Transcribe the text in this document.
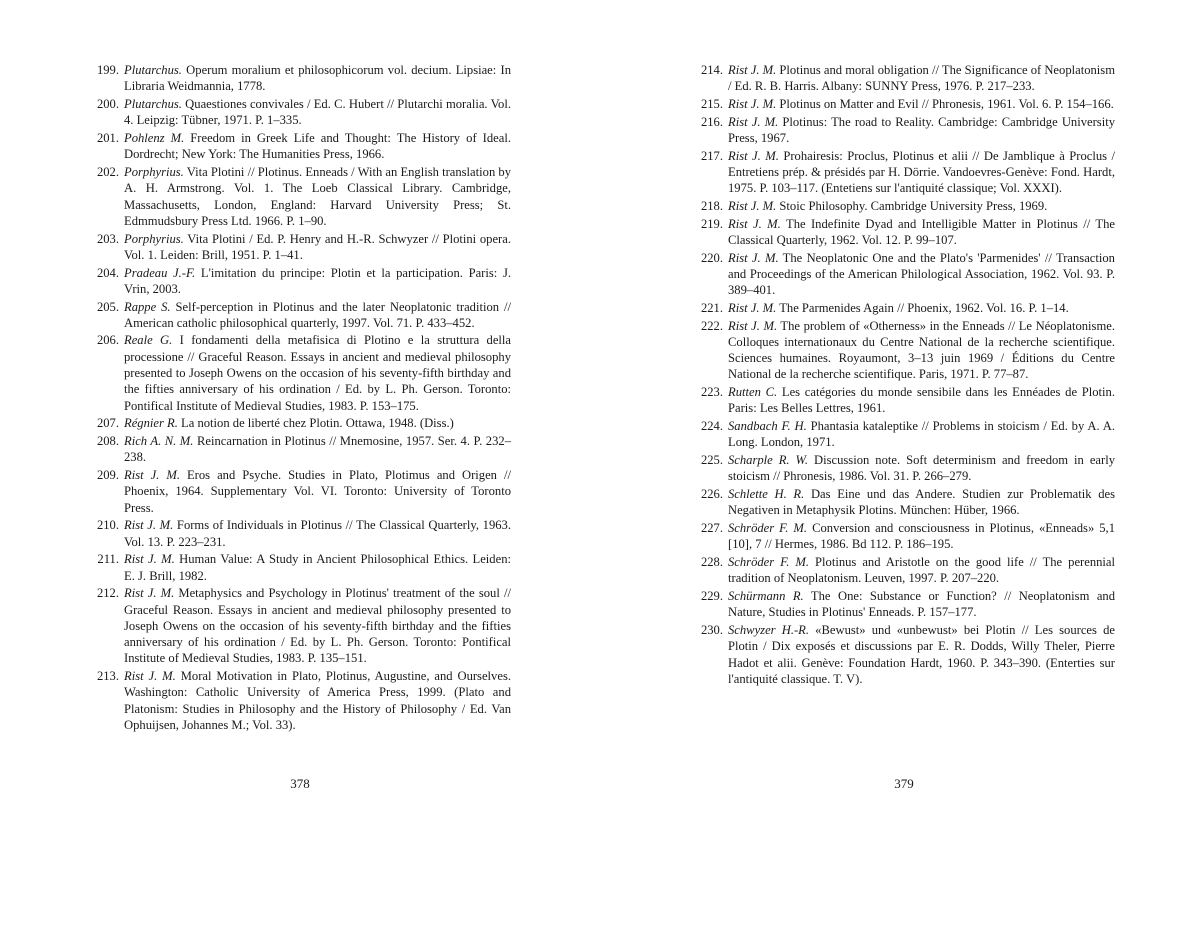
199. Plutarchus. Operum moralium et philosophicorum vol. decium. Lipsiae: In Libraria Weidmannia, 1778.
200. Plutarchus. Quaestiones convivales / Ed. C. Hubert // Plutarchi moralia. Vol. 4. Leipzig: Tübner, 1971. P. 1–335.
201. Pohlenz M. Freedom in Greek Life and Thought: The History of Ideal. Dordrecht; New York: The Humanities Press, 1966.
202. Porphyrius. Vita Plotini // Plotinus. Enneads / With an English translation by A. H. Armstrong. Vol. 1. The Loeb Classical Library. Cambridge, Massachusetts, London, England: Harvard University Press; St. Edmmudsbury Press Ltd. 1966. P. 1–90.
203. Porphyrius. Vita Plotini / Ed. P. Henry and H.-R. Schwyzer // Plotini opera. Vol. 1. Leiden: Brill, 1951. P. 1–41.
204. Pradeau J.-F. L'imitation du principe: Plotin et la participation. Paris: J. Vrin, 2003.
205. Rappe S. Self-perception in Plotinus and the later Neoplatonic tradition // American catholic philosophical quarterly, 1997. Vol. 71. P. 433–452.
206. Reale G. I fondamenti della metafisica di Plotino e la struttura della processione // Graceful Reason. Essays in ancient and medieval philosophy presented to Joseph Owens on the occasion of his seventy-fifth birthday and the fifties anniversary of his ordination / Ed. by L. Ph. Gerson. Toronto: Pontifical Institute of Medieval Studies, 1983. P. 153–175.
207. Régnier R. La notion de liberté chez Plotin. Ottawa, 1948. (Diss.)
208. Rich A. N. M. Reincarnation in Plotinus // Mnemosine, 1957. Ser. 4. P. 232–238.
209. Rist J. M. Eros and Psyche. Studies in Plato, Plotimus and Origen // Phoenix, 1964. Supplementary Vol. VI. Toronto: University of Toronto Press.
210. Rist J. M. Forms of Individuals in Plotinus // The Classical Quarterly, 1963. Vol. 13. P. 223–231.
211. Rist J. M. Human Value: A Study in Ancient Philosophical Ethics. Leiden: E. J. Brill, 1982.
212. Rist J. M. Metaphysics and Psychology in Plotinus' treatment of the soul // Graceful Reason. Essays in ancient and medieval philosophy presented to Joseph Owens on the occasion of his seventy-fifth birthday and the fifties anniversary of his ordination / Ed. by L. Ph. Gerson. Toronto: Pontifical Institute of Medieval Studies, 1983. P. 135–151.
213. Rist J. M. Moral Motivation in Plato, Plotinus, Augustine, and Ourselves. Washington: Catholic University of America Press, 1999. (Plato and Platonism: Studies in Philosophy and the History of Philosophy / Ed. Van Ophuijsen, Johannes M.; Vol. 33).
378
214. Rist J. M. Plotinus and moral obligation // The Significance of Neoplatonism / Ed. R. B. Harris. Albany: SUNNY Press, 1976. P. 217–233.
215. Rist J. M. Plotinus on Matter and Evil // Phronesis, 1961. Vol. 6. P. 154–166.
216. Rist J. M. Plotinus: The road to Reality. Cambridge: Cambridge University Press, 1967.
217. Rist J. M. Prohairesis: Proclus, Plotinus et alii // De Jamblique à Proclus / Entretiens prép. & présidés par H. Dörrie. Vandoevres-Genève: Fond. Hardt, 1975. P. 103–117. (Entetiens sur l'antiquité classique; Vol. XXXI).
218. Rist J. M. Stoic Philosophy. Cambridge University Press, 1969.
219. Rist J. M. The Indefinite Dyad and Intelligible Matter in Plotinus // The Classical Quarterly, 1962. Vol. 12. P. 99–107.
220. Rist J. M. The Neoplatonic One and the Plato's 'Parmenides' // Transaction and Proceedings of the American Philological Association, 1962. Vol. 93. P. 389–401.
221. Rist J. M. The Parmenides Again // Phoenix, 1962. Vol. 16. P. 1–14.
222. Rist J. M. The problem of «Otherness» in the Enneads // Le Néoplatonisme. Colloques internationaux du Centre National de la recherche scientifique. Sciences humaines. Royaumont, 3–13 juin 1969 / Éditions du Centre National de la recherche scientifique. Paris, 1971. P. 77–87.
223. Rutten C. Les catégories du monde sensibile dans les Ennéades de Plotin. Paris: Les Belles Lettres, 1961.
224. Sandbach F. H. Phantasia kataleptike // Problems in stoicism / Ed. by A. A. Long. London, 1971.
225. Scharple R. W. Discussion note. Soft determinism and freedom in early stoicism // Phronesis, 1986. Vol. 31. P. 266–279.
226. Schlette H. R. Das Eine und das Andere. Studien zur Problematik des Negativen in Metaphysik Plotins. München: Hüber, 1966.
227. Schröder F. M. Conversion and consciousness in Plotinus, «Enneads» 5,1 [10], 7 // Hermes, 1986. Bd 112. P. 186–195.
228. Schröder F. M. Plotinus and Aristotle on the good life // The perennial tradition of Neoplatonism. Leuven, 1997. P. 207–220.
229. Schürmann R. The One: Substance or Function? // Neoplatonism and Nature, Studies in Plotinus' Enneads. P. 157–177.
230. Schwyzer H.-R. «Bewust» und «unbewust» bei Plotin // Les sources de Plotin / Dix exposés et discussions par E. R. Dodds, Willy Theler, Pierre Hadot et alii. Genève: Foundation Hardt, 1960. P. 343–390. (Enterties sur l'antiquité classique. T. V).
379
